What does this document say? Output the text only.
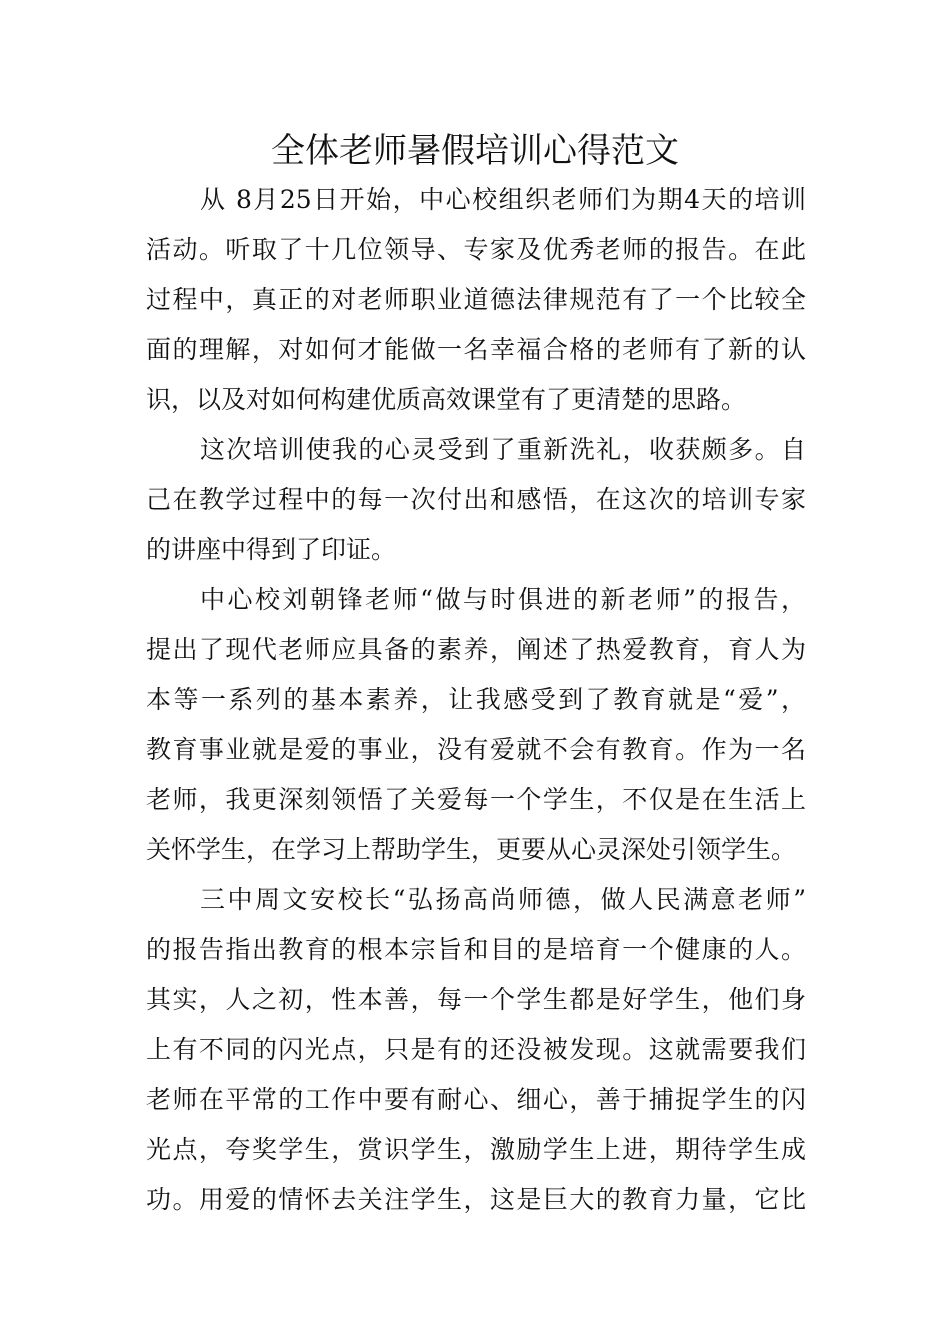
全体老师暑假培训心得范文
从 8月25日开始，中心校组织老师们为期4天的培训
活动。听取了十几位领导、专家及优秀老师的报告。在此
过程中，真正的对老师职业道德法律规范有了一个比较全
面的理解，对如何才能做一名幸福合格的老师有了新的认
识，以及对如何构建优质高效课堂有了更清楚的思路。
这次培训使我的心灵受到了重新洗礼，收获颇多。自
己在教学过程中的每一次付出和感悟，在这次的培训专家
的讲座中得到了印证。
中心校刘朝锋老师“做与时俱进的新老师”的报告，
提出了现代老师应具备的素养，阐述了热爱教育，育人为
本等一系列的基本素养，让我感受到了教育就是“爱”，
教育事业就是爱的事业，没有爱就不会有教育。作为一名
老师，我更深刻领悟了关爱每一个学生，不仅是在生活上
关怀学生，在学习上帮助学生，更要从心灵深处引领学生。
三中周文安校长“弘扬高尚师德，做人民满意老师”
的报告指出教育的根本宗旨和目的是培育一个健康的人。
其实，人之初，性本善，每一个学生都是好学生，他们身
上有不同的闪光点，只是有的还没被发现。这就需要我们
老师在平常的工作中要有耐心、细心，善于捕捉学生的闪
光点，夸奖学生，赏识学生，激励学生上进，期待学生成
功。用爱的情怀去关注学生，这是巨大的教育力量，它比
